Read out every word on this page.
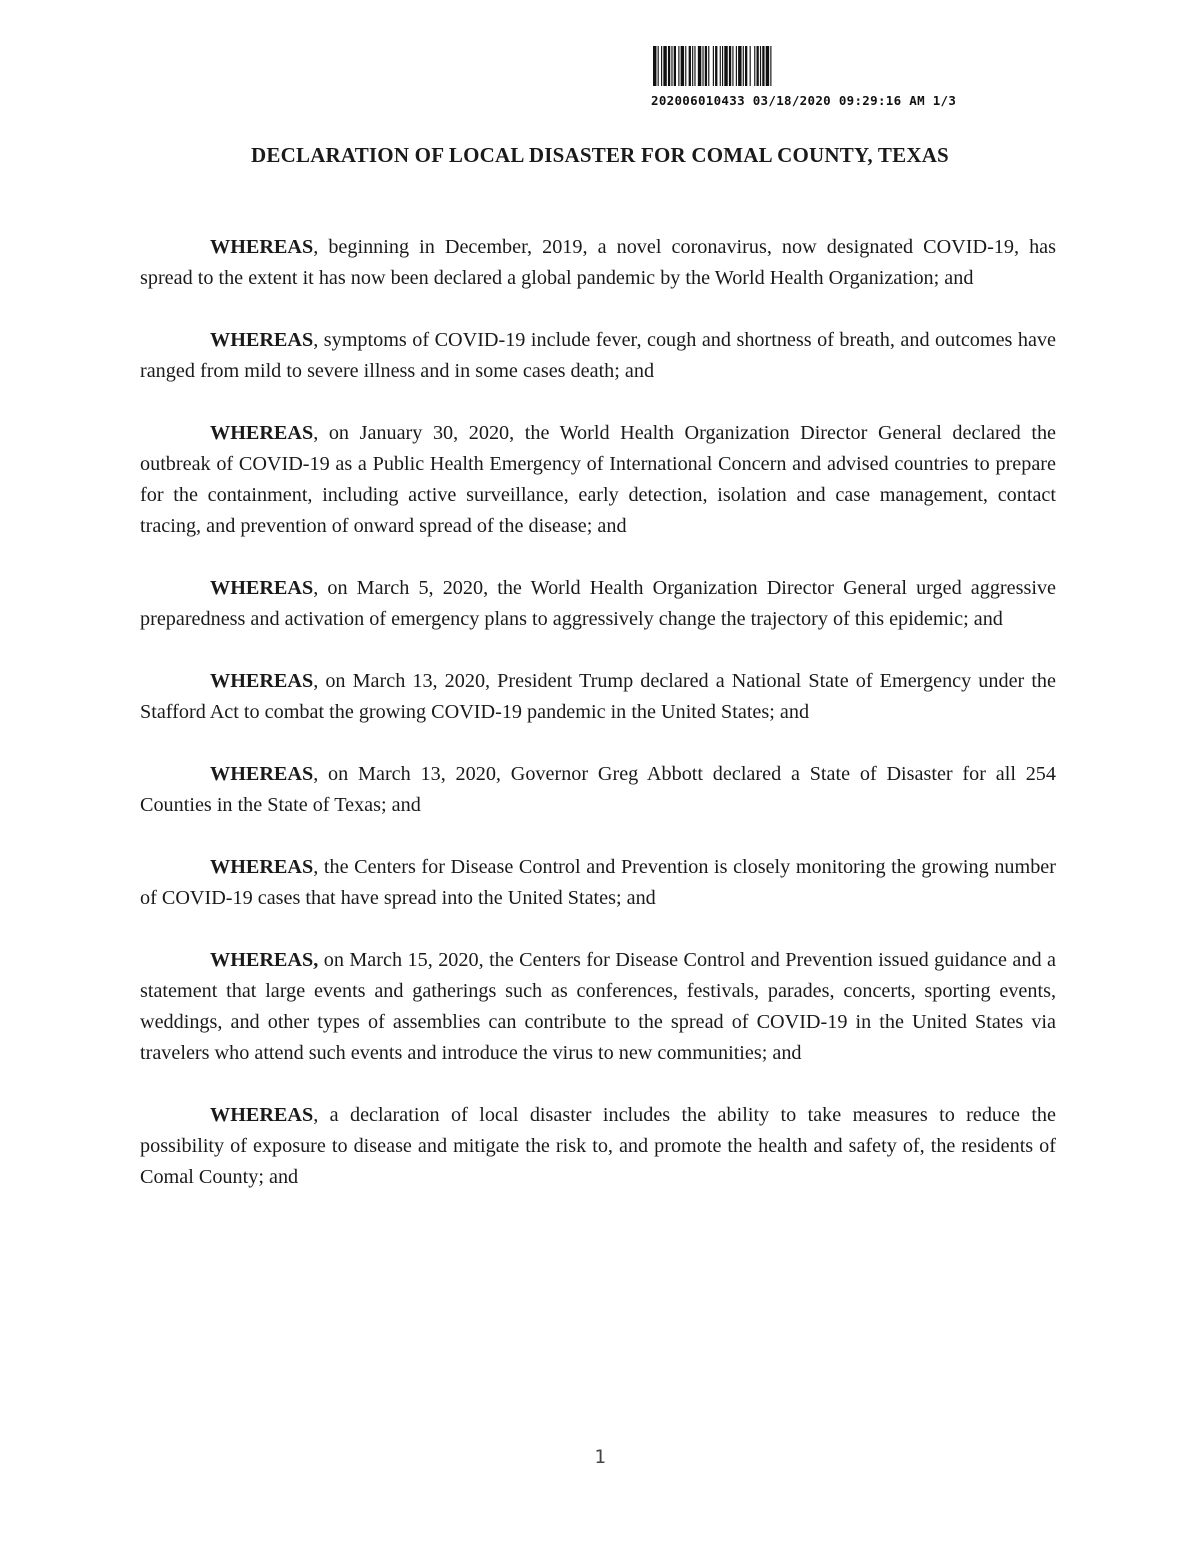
202006010433 03/18/2020 09:29:16 AM 1/3
DECLARATION OF LOCAL DISASTER FOR COMAL COUNTY, TEXAS

WHEREAS, beginning in December, 2019, a novel coronavirus, now designated COVID-19, has spread to the extent it has now been declared a global pandemic by the World Health Organization; and

WHEREAS, symptoms of COVID-19 include fever, cough and shortness of breath, and outcomes have ranged from mild to severe illness and in some cases death; and

WHEREAS, on January 30, 2020, the World Health Organization Director General declared the outbreak of COVID-19 as a Public Health Emergency of International Concern and advised countries to prepare for the containment, including active surveillance, early detection, isolation and case management, contact tracing, and prevention of onward spread of the disease; and

WHEREAS, on March 5, 2020, the World Health Organization Director General urged aggressive preparedness and activation of emergency plans to aggressively change the trajectory of this epidemic; and

WHEREAS, on March 13, 2020, President Trump declared a National State of Emergency under the Stafford Act to combat the growing COVID-19 pandemic in the United States; and

WHEREAS, on March 13, 2020, Governor Greg Abbott declared a State of Disaster for all 254 Counties in the State of Texas; and

WHEREAS, the Centers for Disease Control and Prevention is closely monitoring the growing number of COVID-19 cases that have spread into the United States; and

WHEREAS, on March 15, 2020, the Centers for Disease Control and Prevention issued guidance and a statement that large events and gatherings such as conferences, festivals, parades, concerts, sporting events, weddings, and other types of assemblies can contribute to the spread of COVID-19 in the United States via travelers who attend such events and introduce the virus to new communities; and

WHEREAS, a declaration of local disaster includes the ability to take measures to reduce the possibility of exposure to disease and mitigate the risk to, and promote the health and safety of, the residents of Comal County; and

1
